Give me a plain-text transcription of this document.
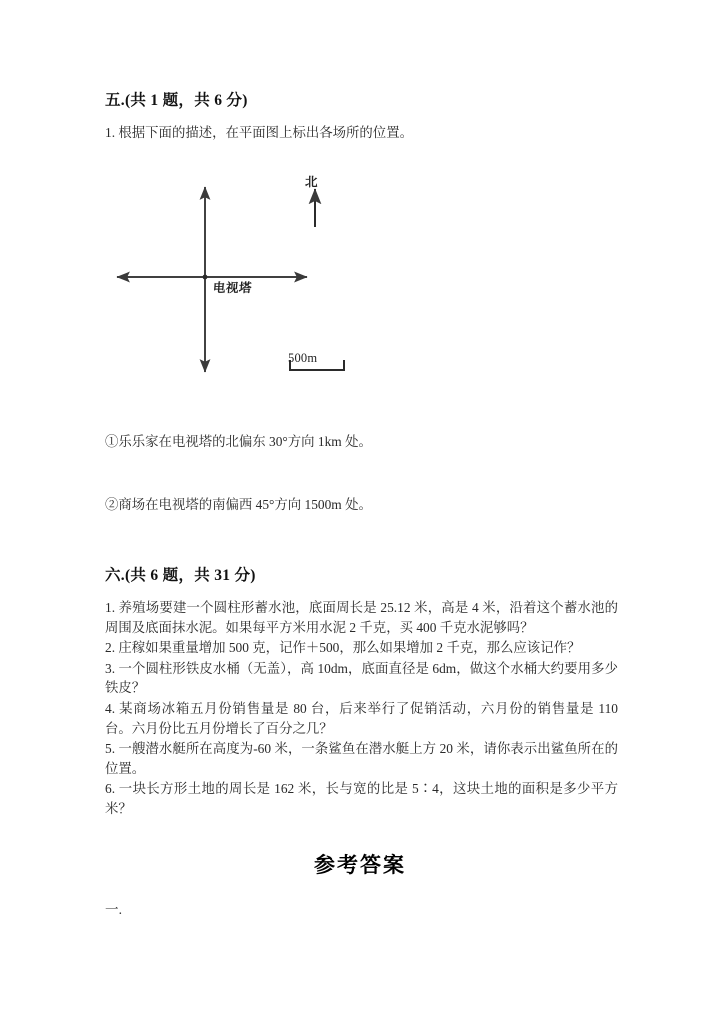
五.(共 1 题，共 6 分)
1. 根据下面的描述，在平面图上标出各场所的位置。
电视塔
北
500m
①乐乐家在电视塔的北偏东 30°方向 1km 处。
②商场在电视塔的南偏西 45°方向 1500m 处。
六.(共 6 题，共 31 分)

1. 养殖场要建一个圆柱形蓄水池，底面周长是 25.12 米，高是 4 米，沿着这个蓄水池的周围及底面抹水泥。如果每平方米用水泥 2 千克，买 400 千克水泥够吗？

2. 庄稼如果重量增加 500 克，记作＋500，那么如果增加 2 千克，那么应该记作？

3. 一个圆柱形铁皮水桶（无盖），高 10dm，底面直径是 6dm，做这个水桶大约要用多少铁皮？

4. 某商场冰箱五月份销售量是 80 台，后来举行了促销活动，六月份的销售量是 110 台。六月份比五月份增长了百分之几？

5. 一艘潜水艇所在高度为-60 米，一条鲨鱼在潜水艇上方 20 米，请你表示出鲨鱼所在的位置。

6. 一块长方形土地的周长是 162 米，长与宽的比是 5∶4，这块土地的面积是多少平方米？

参考答案
一.
